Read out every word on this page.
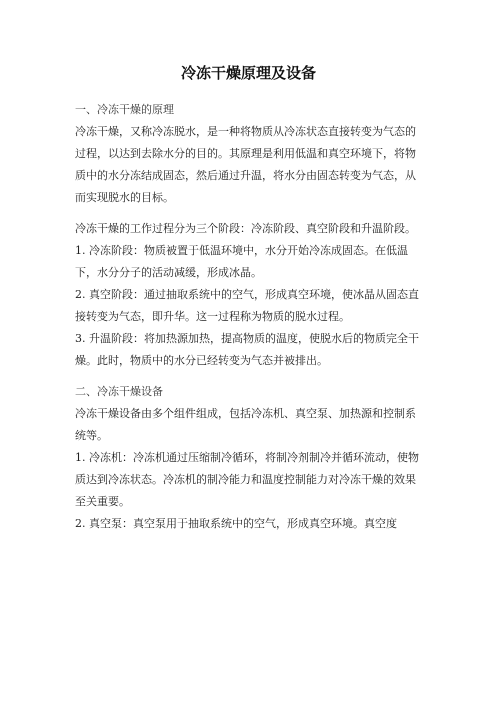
冷冻干燥原理及设备
一、冷冻干燥的原理

冷冻干燥，又称冷冻脱水，是一种将物质从冷冻状态直接转变为气态的过程，以达到去除水分的目的。其原理是利用低温和真空环境下，将物质中的水分冻结成固态，然后通过升温，将水分由固态转变为气态，从而实现脱水的目标。

冷冻干燥的工作过程分为三个阶段：冷冻阶段、真空阶段和升温阶段。

1. 冷冻阶段：物质被置于低温环境中，水分开始冷冻成固态。在低温下，水分分子的活动减缓，形成冰晶。

2. 真空阶段：通过抽取系统中的空气，形成真空环境，使冰晶从固态直接转变为气态，即升华。这一过程称为物质的脱水过程。

3. 升温阶段：将加热源加热，提高物质的温度，使脱水后的物质完全干燥。此时，物质中的水分已经转变为气态并被排出。

二、冷冻干燥设备

冷冻干燥设备由多个组件组成，包括冷冻机、真空泵、加热源和控制系统等。

1. 冷冻机：冷冻机通过压缩制冷循环，将制冷剂制冷并循环流动，使物质达到冷冻状态。冷冻机的制冷能力和温度控制能力对冷冻干燥的效果至关重要。

2. 真空泵：真空泵用于抽取系统中的空气，形成真空环境。真空度
